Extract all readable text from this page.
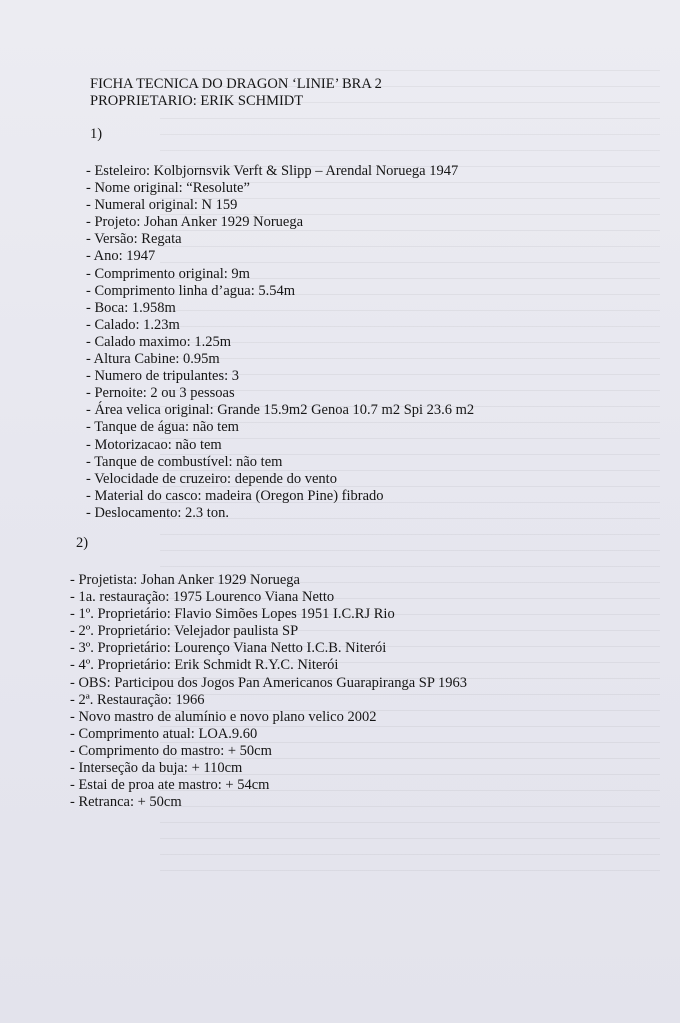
FICHA TECNICA DO DRAGON ‘LINIE’ BRA 2
PROPRIETARIO: ERIK SCHMIDT
1)
- Esteleiro: Kolbjornsvik Verft & Slipp – Arendal Noruega 1947
- Nome original: “Resolute”
- Numeral original: N 159
- Projeto: Johan Anker 1929 Noruega
- Versão: Regata
- Ano: 1947
- Comprimento original: 9m
- Comprimento linha d’agua: 5.54m
- Boca: 1.958m
- Calado: 1.23m
- Calado maximo: 1.25m
- Altura Cabine: 0.95m
- Numero de tripulantes: 3
- Pernoite: 2 ou 3 pessoas
- Área velica original: Grande 15.9m2 Genoa 10.7 m2 Spi 23.6 m2
- Tanque de água: não tem
- Motorizacao: não tem
- Tanque de combustível: não tem
- Velocidade de cruzeiro: depende do vento
- Material do casco: madeira (Oregon Pine) fibrado
- Deslocamento: 2.3 ton.
2)
- Projetista: Johan Anker 1929 Noruega
- 1a. restauração: 1975 Lourenco Viana Netto
- 1º. Proprietário: Flavio Simões Lopes 1951 I.C.RJ Rio
- 2º. Proprietário: Velejador paulista SP
- 3º. Proprietário: Lourenço Viana Netto I.C.B. Niterói
- 4º. Proprietário: Erik Schmidt R.Y.C. Niterói
- OBS: Participou dos Jogos Pan Americanos Guarapiranga SP 1963
- 2ª. Restauração: 1966
- Novo mastro de alumínio e novo plano velico 2002
- Comprimento atual: LOA.9.60
- Comprimento do mastro: + 50cm
- Interseção da buja: + 110cm
- Estai de proa ate mastro: + 54cm
- Retranca: + 50cm
